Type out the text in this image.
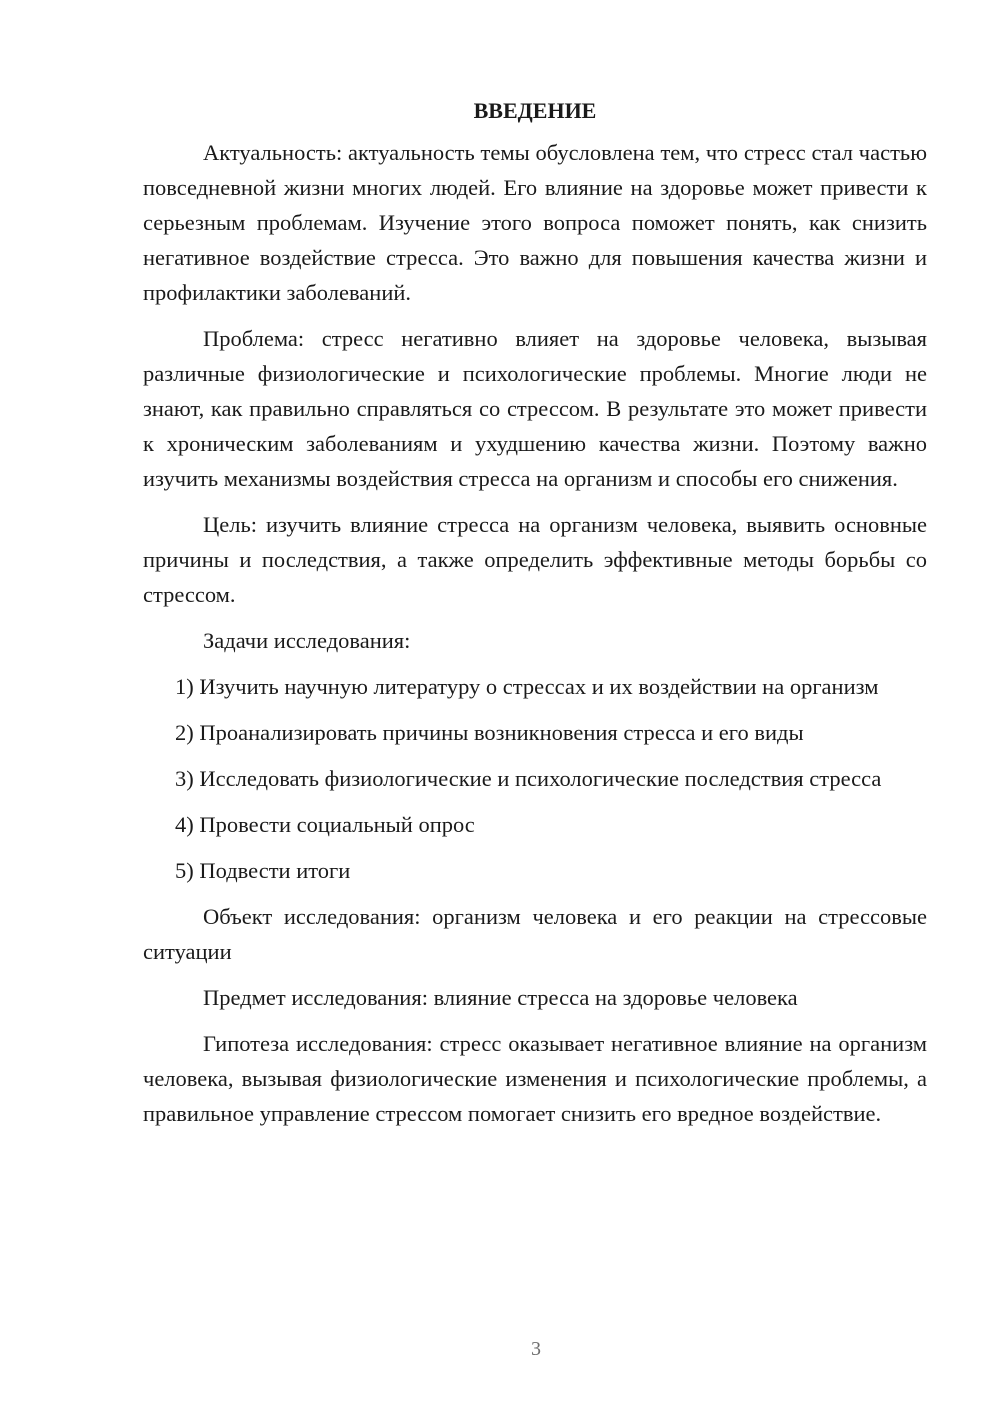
ВВЕДЕНИЕ

Актуальность: актуальность темы обусловлена тем, что стресс стал частью повседневной жизни многих людей. Его влияние на здоровье может привести к серьезным проблемам. Изучение этого вопроса поможет понять, как снизить негативное воздействие стресса. Это важно для повышения качества жизни и профилактики заболеваний.

Проблема: стресс негативно влияет на здоровье человека, вызывая различные физиологические и психологические проблемы. Многие люди не знают, как правильно справляться со стрессом. В результате это может привести к хроническим заболеваниям и ухудшению качества жизни. Поэтому важно изучить механизмы воздействия стресса на организм и способы его снижения.

Цель: изучить влияние стресса на организм человека, выявить основные причины и последствия, а также определить эффективные методы борьбы со стрессом.

Задачи исследования:

1) Изучить научную литературу о стрессах и их воздействии на организм

2) Проанализировать причины возникновения стресса и его виды

3) Исследовать физиологические и психологические последствия стресса

4) Провести социальный опрос

5) Подвести итоги

Объект исследования: организм человека и его реакции на стрессовые ситуации

Предмет исследования: влияние стресса на здоровье человека

Гипотеза исследования: стресс оказывает негативное влияние на организм человека, вызывая физиологические изменения и психологические проблемы, а правильное управление стрессом помогает снизить его вредное воздействие.

3
